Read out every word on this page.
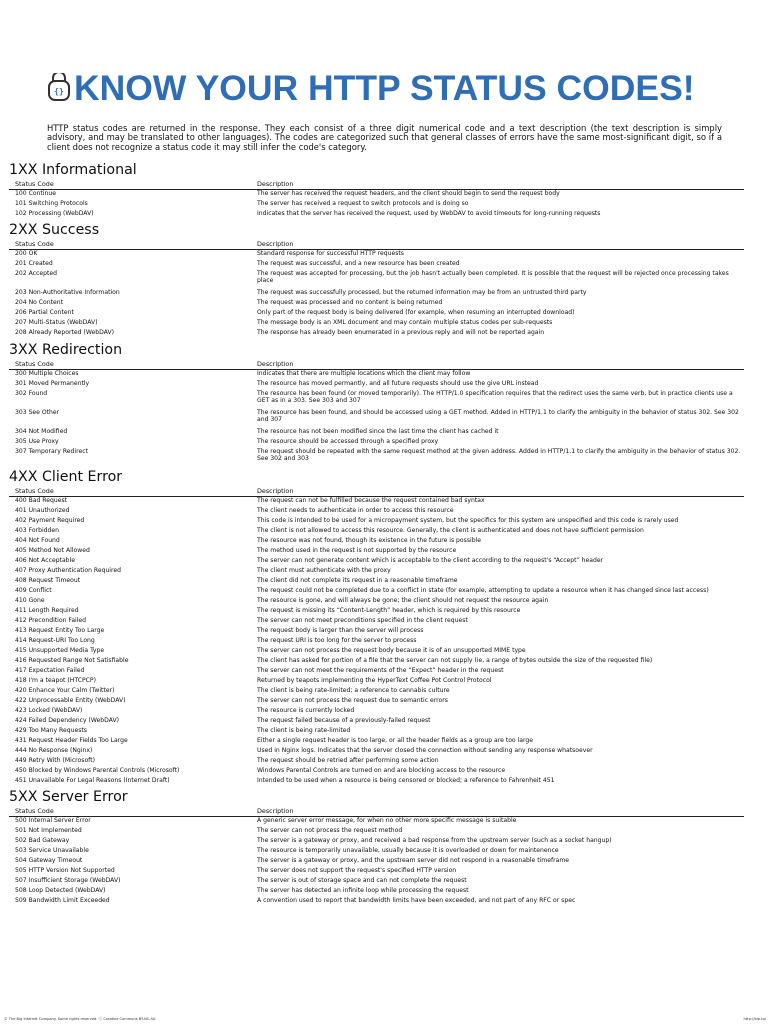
{} KNOW YOUR HTTP STATUS CODES!
HTTP status codes are returned in the response. They each consist of a three digit numerical code and a text description (the text description is simply advisory, and may be translated to other languages). The codes are categorized such that general classes of errors have the same most-significant digit, so if a client does not recognize a status code it may still infer the code's category.
1XX Informational
Status Code	Description
100 Continue	The server has received the request headers, and the client should begin to send the request body
101 Switching Protocols	The server has received a request to switch protocols and is doing so
102 Processing (WebDAV)	Indicates that the server has received the request, used by WebDAV to avoid timeouts for long-running requests
2XX Success
Status Code	Description
200 OK	Standard response for successful HTTP requests
201 Created	The request was successful, and a new resource has been created
202 Accepted	The request was accepted for processing, but the job hasn't actually been completed. It is possible that the request will be rejected once processing takes place
203 Non-Authoritative Information	The request was successfully processed, but the returned information may be from an untrusted third party
204 No Content	The request was processed and no content is being returned
206 Partial Content	Only part of the request body is being delivered (for example, when resuming an interrupted download)
207 Multi-Status (WebDAV)	The message body is an XML document and may contain multiple status codes per sub-requests
208 Already Reported (WebDAV)	The response has already been enumerated in a previous reply and will not be reported again
3XX Redirection
Status Code	Description
300 Multiple Choices	Indicates that there are multiple locations which the client may follow
301 Moved Permanently	The resource has moved permantly, and all future requests should use the give URL instead
302 Found	The resource has been found (or moved temporarily). The HTTP/1.0 specification requires that the redirect uses the same verb, but in practice clients use a GET as in a 303. See 303 and 307
303 See Other	The resource has been found, and should be accessed using a GET method. Added in HTTP/1.1 to clarify the ambiguity in the behavior of status 302. See 302 and 307
304 Not Modified	The resource has not been modified since the last time the client has cached it
305 Use Proxy	The resource should be accessed through a specified proxy
307 Temporary Redirect	The request should be repeated with the same request method at the given address. Added in HTTP/1.1 to clarify the ambiguity in the behavior of status 302. See 302 and 303
4XX Client Error
Status Code	Description
400 Bad Request	The request can not be fulfilled because the request contained bad syntax
401 Unauthorized	The client needs to authenticate in order to access this resource
402 Payment Required	This code is intended to be used for a micropayment system, but the specifics for this system are unspecified and this code is rarely used
403 Forbidden	The client is not allowed to access this resource. Generally, the client is authenticated and does not have sufficient permission
404 Not Found	The resource was not found, though its existence in the future is possible
405 Method Not Allowed	The method used in the request is not supported by the resource
406 Not Acceptable	The server can not generate content which is acceptable to the client according to the request's “Accept” header
407 Proxy Authentication Required	The client must authenticate with the proxy
408 Request Timeout	The client did not complete its request in a reasonable timeframe
409 Conflict	The request could not be completed due to a conflict in state (for example, attempting to update a resource when it has changed since last access)
410 Gone	The resource is gone, and will always be gone; the client should not request the resource again
411 Length Required	The request is missing its “Content-Length” header, which is required by this resource
412 Precondition Failed	The server can not meet preconditions specified in the client request
413 Request Entity Too Large	The request body is larger than the server will process
414 Request-URI Too Long	The request URI is too long for the server to process
415 Unsupported Media Type	The server can not process the request body because it is of an unsupported MIME type
416 Requested Range Not Satisfiable	The client has asked for portion of a file that the server can not supply (ie, a range of bytes outside the size of the requested file)
417 Expectation Failed	The server can not meet the requirements of the “Expect” header in the request
418 I'm a teapot (HTCPCP)	Returned by teapots implementing the HyperText Coffee Pot Control Protocol
420 Enhance Your Calm (Twitter)	The client is being rate-limited; a reference to cannabis culture
422 Unprocessable Entity (WebDAV)	The server can not process the request due to semantic errors
423 Locked (WebDAV)	The resource is currently locked
424 Failed Dependency (WebDAV)	The request failed because of a previously-failed request
429 Too Many Requests	The client is being rate-limited
431 Request Header Fields Too Large	Either a single request header is too large, or all the header fields as a group are too large
444 No Response (Nginx)	Used in Nginx logs. Indicates that the server closed the connection without sending any response whatsoever
449 Retry With (Microsoft)	The request should be retried after performing some action
450 Blocked by Windows Parental Controls (Microsoft)	Windows Parental Controls are turned on and are blocking access to the resource
451 Unavailable For Legal Reasons (Internet Draft)	Intended to be used when a resource is being censored or blocked; a reference to Fahrenheit 451
5XX Server Error
Status Code	Description
500 Internal Server Error	A generic server error message, for when no other more specific message is suitable
501 Not Implemented	The server can not process the request method
502 Bad Gateway	The server is a gateway or proxy, and received a bad response from the upstream server (such as a socket hangup)
503 Service Unavailable	The resource is temporarily unavailable, usually because it is overloaded or down for maintenence
504 Gateway Timeout	The server is a gateway or proxy, and the upstream server did not respond in a reasonable timeframe
505 HTTP Version Not Supported	The server does not support the request's specified HTTP version
507 Insufficient Storage (WebDAV)	The server is out of storage space and can not complete the request
508 Loop Detected (WebDAV)	The server has detected an infinite loop while processing the request
509 Bandwidth Limit Exceeded	A convention used to report that bandwidth limits have been exceeded, and not part of any RFC or spec
© The Big Internet Company. Some rights reserved. ⓒ Creative Commons BY-NC-SA	http://bip.to/
